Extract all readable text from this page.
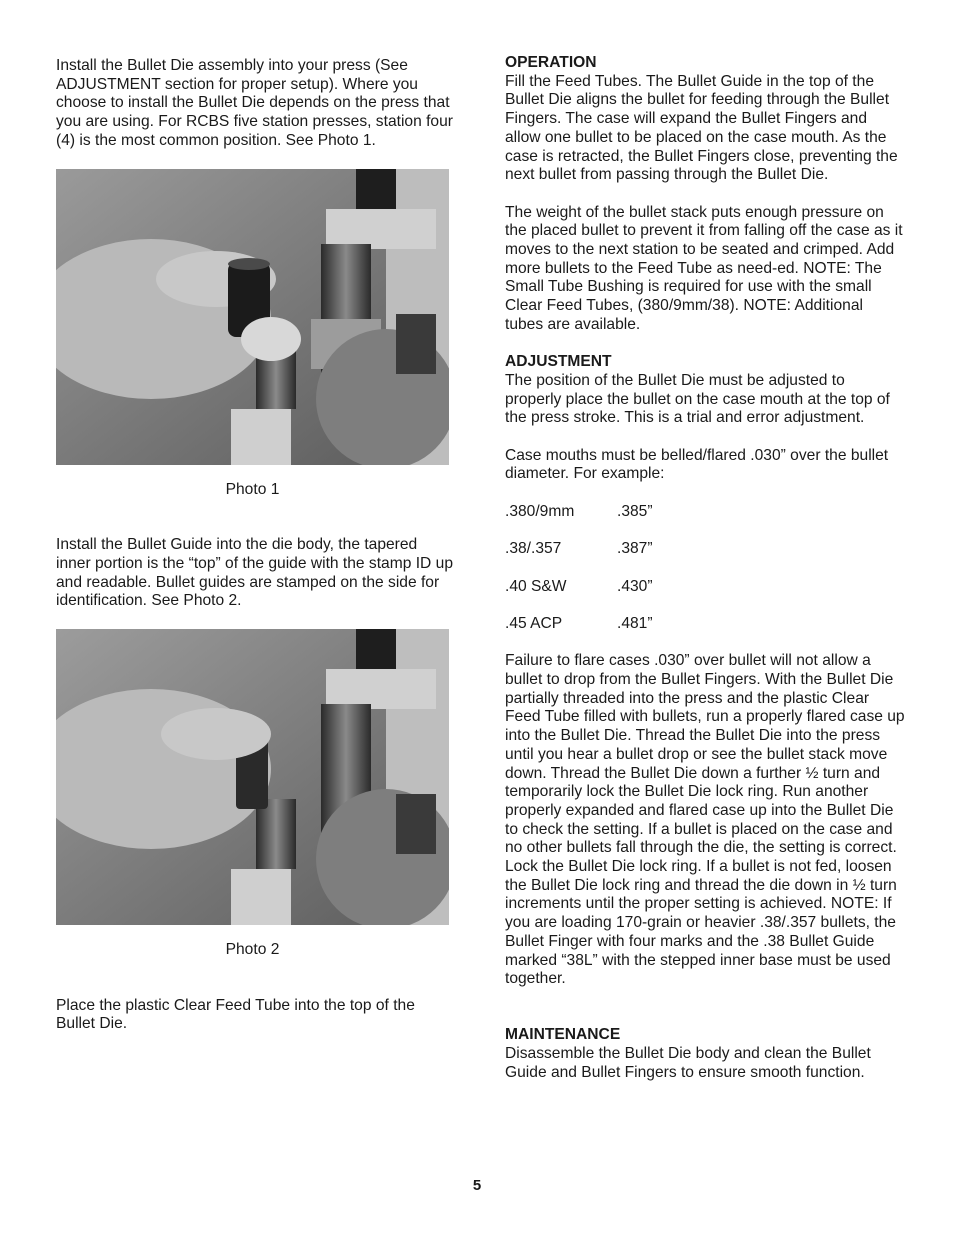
Install the Bullet Die assembly into your press (See ADJUSTMENT section for proper setup). Where you choose to install the Bullet Die depends on the press that you are using. For RCBS five station presses, station four (4) is the most common position. See Photo 1.

Photo 1

Install the Bullet Guide into the die body, the tapered inner portion is the “top” of the guide with the stamp ID up and readable. Bullet guides are stamped on the side for identification. See Photo 2.

Photo 2

Place the plastic Clear Feed Tube into the top of the Bullet Die.

OPERATION

Fill the Feed Tubes. The Bullet Guide in the top of the Bullet Die aligns the bullet for feeding through the Bullet Fingers. The case will expand the Bullet Fingers and allow one bullet to be placed on the case mouth. As the case is retracted, the Bullet Fingers close, preventing the next bullet from passing through the Bullet Die.

The weight of the bullet stack puts enough pressure on the placed bullet to prevent it from falling off the case as it moves to the next station to be seated and crimped. Add more bullets to the Feed Tube as need-ed. NOTE: The Small Tube Bushing is required for use with the small Clear Feed Tubes, (380/9mm/38). NOTE: Additional tubes are available.

ADJUSTMENT

The position of the Bullet Die must be adjusted to properly place the bullet on the case mouth at the top of the press stroke. This is a trial and error adjustment.

Case mouths must be belled/flared .030” over the bullet diameter. For example:

.380/9mm	.385”
.38/.357	.387”
.40 S&W	.430”
.45 ACP	.481”

Failure to flare cases .030” over bullet will not allow a bullet to drop from the Bullet Fingers. With the Bullet Die partially threaded into the press and the plastic Clear Feed Tube filled with bullets, run a properly flared case up into the Bullet Die. Thread the Bullet Die into the press until you hear a bullet drop or see the bullet stack move down. Thread the Bullet Die down a further ½ turn and temporarily lock the Bullet Die lock ring. Run another properly expanded and flared case up into the Bullet Die to check the setting. If a bullet is placed on the case and no other bullets fall through the die, the setting is correct. Lock the Bullet Die lock ring. If a bullet is not fed, loosen the Bullet Die lock ring and thread the die down in ½ turn increments until the proper setting is achieved. NOTE: If you are loading 170-grain or heavier .38/.357 bullets, the Bullet Finger with four marks and the .38 Bullet Guide marked “38L” with the stepped inner base must be used together.

MAINTENANCE

Disassemble the Bullet Die body and clean the Bullet Guide and Bullet Fingers to ensure smooth function.

5
